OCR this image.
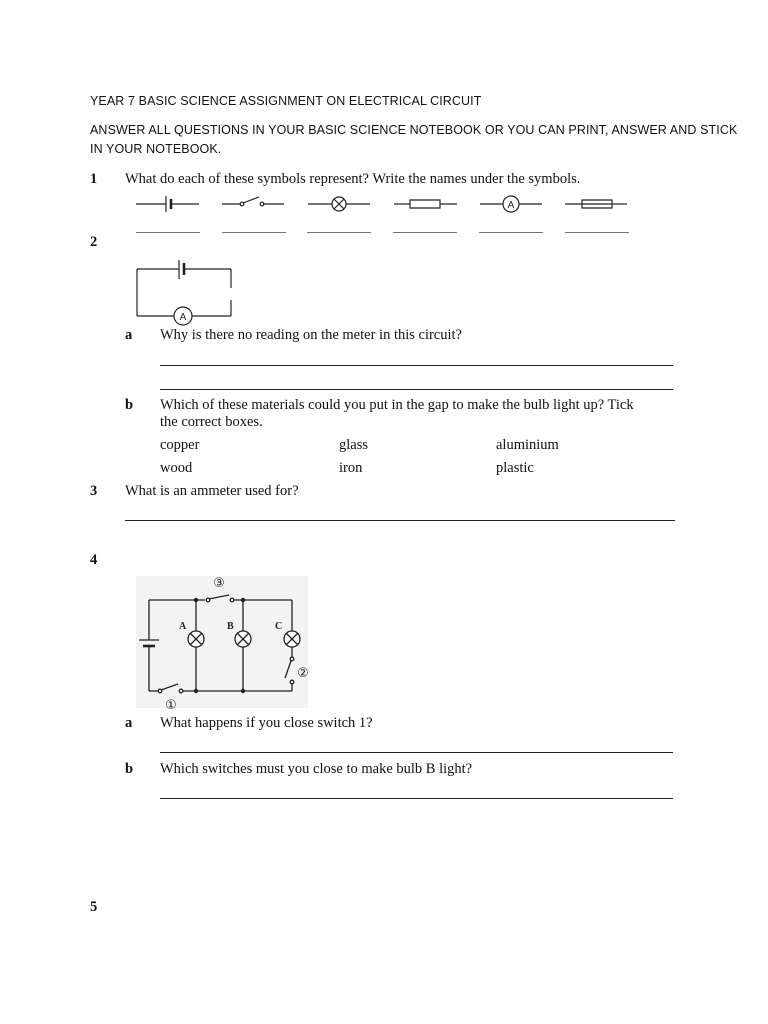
YEAR 7 BASIC SCIENCE ASSIGNMENT ON ELECTRICAL CIRCUIT
ANSWER ALL QUESTIONS IN YOUR BASIC SCIENCE NOTEBOOK OR YOU CAN PRINT, ANSWER AND STICK
IN YOUR NOTEBOOK.
1 What do each of these symbols represent? Write the names under the symbols.
A
2
A
a Why is there no reading on the meter in this circuit?
b Which of these materials could you put in the gap to make the bulb light up? Tick
the correct boxes.
copper	glass	aluminium
wood	iron	plastic
3 What is an ammeter used for?
4
A	B	C
①
②
③
a What happens if you close switch 1?
b Which switches must you close to make bulb B light?
5
